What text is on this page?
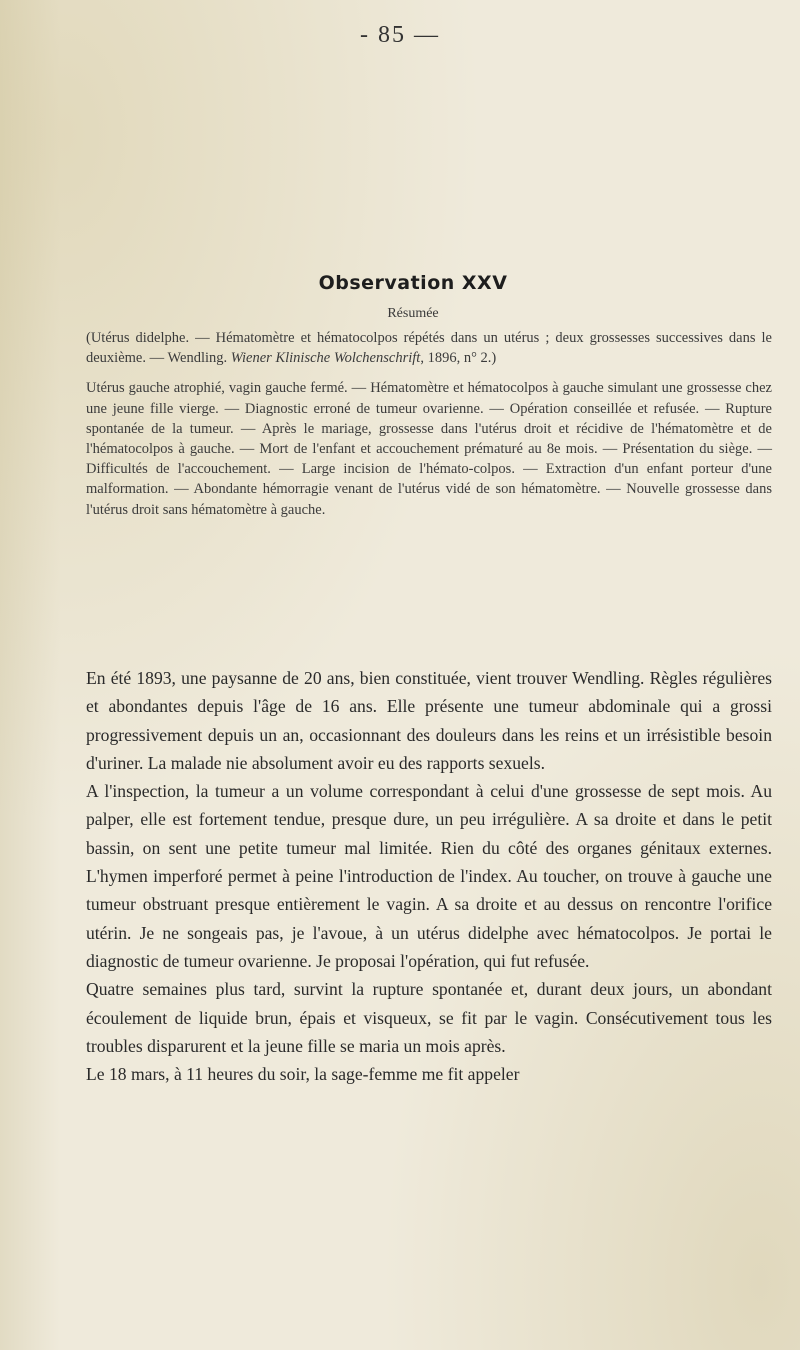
- 85 —
Observation XXV
Résumée

(Utérus didelphe. — Hématomètre et hématocolpos répétés dans un utérus ; deux grossesses successives dans le deuxième. — Wendling. Wiener Klinische Wolchenschrift, 1896, n° 2.)

Utérus gauche atrophié, vagin gauche fermé. — Hématomètre et hématocolpos à gauche simulant une grossesse chez une jeune fille vierge. — Diagnostic erroné de tumeur ovarienne. — Opération conseillée et refusée. — Rupture spontanée de la tumeur. — Après le mariage, grossesse dans l'utérus droit et récidive de l'hématomètre et de l'hématocolpos à gauche. — Mort de l'enfant et accouchement prématuré au 8e mois. — Présentation du siège. — Difficultés de l'accouchement. — Large incision de l'hémato-colpos. — Extraction d'un enfant porteur d'une malformation. — Abondante hémorragie venant de l'utérus vidé de son hématomètre. — Nouvelle grossesse dans l'utérus droit sans hématomètre à gauche.

En été 1893, une paysanne de 20 ans, bien constituée, vient trouver Wendling. Règles régulières et abondantes depuis l'âge de 16 ans. Elle présente une tumeur abdominale qui a grossi progressivement depuis un an, occasionnant des douleurs dans les reins et un irrésistible besoin d'uriner. La malade nie absolument avoir eu des rapports sexuels.

A l'inspection, la tumeur a un volume correspondant à celui d'une grossesse de sept mois. Au palper, elle est fortement tendue, presque dure, un peu irrégulière. A sa droite et dans le petit bassin, on sent une petite tumeur mal limitée. Rien du côté des organes génitaux externes. L'hymen imperforé permet à peine l'introduction de l'index. Au toucher, on trouve à gauche une tumeur obstruant presque entièrement le vagin. A sa droite et au dessus on rencontre l'orifice utérin. Je ne songeais pas, je l'avoue, à un utérus didelphe avec hématocolpos. Je portai le diagnostic de tumeur ovarienne. Je proposai l'opération, qui fut refusée.

Quatre semaines plus tard, survint la rupture spontanée et, durant deux jours, un abondant écoulement de liquide brun, épais et visqueux, se fit par le vagin. Consécutivement tous les troubles disparurent et la jeune fille se maria un mois après.

Le 18 mars, à 11 heures du soir, la sage-femme me fit appeler
